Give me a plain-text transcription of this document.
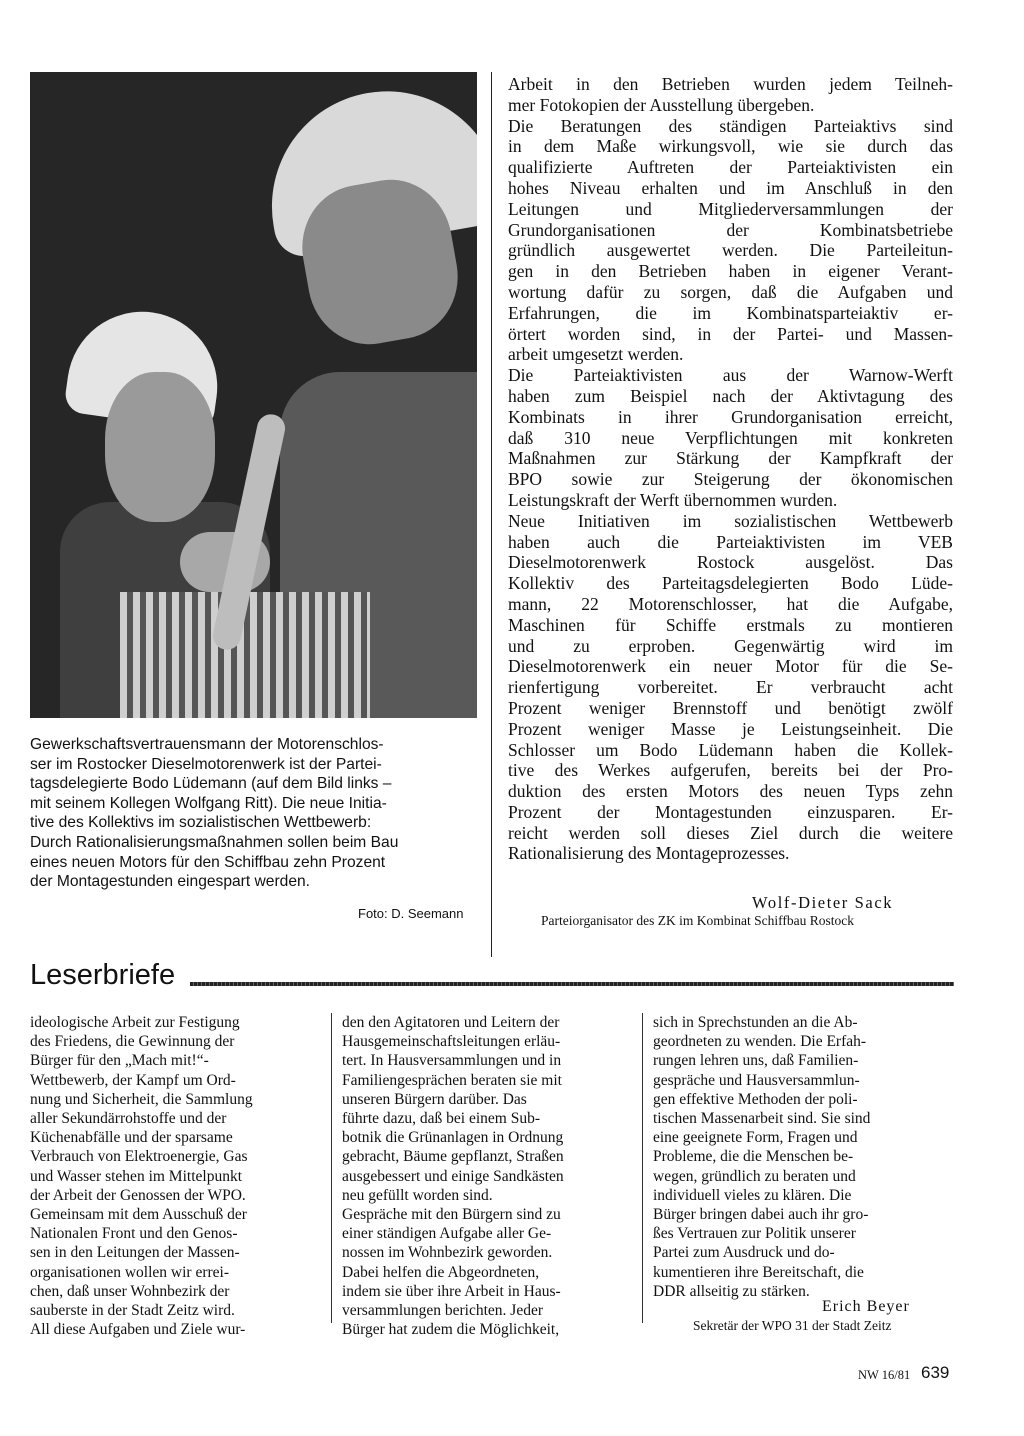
Gewerkschaftsvertrauensmann der Motorenschlos-
ser im Rostocker Dieselmotorenwerk ist der Partei-
tagsdelegierte Bodo Lüdemann (auf dem Bild links –
mit seinem Kollegen Wolfgang Ritt). Die neue Initia-
tive des Kollektivs im sozialistischen Wettbewerb:
Durch Rationalisierungsmaßnahmen sollen beim Bau
eines neuen Motors für den Schiffbau zehn Prozent
der Montagestunden eingespart werden.
Foto: D. Seemann
Arbeit in den Betrieben wurden jedem Teilneh-
mer Fotokopien der Ausstellung übergeben.
Die Beratungen des ständigen Parteiaktivs sind
in dem Maße wirkungsvoll, wie sie durch das
qualifizierte Auftreten der Parteiaktivisten ein
hohes Niveau erhalten und im Anschluß in den
Leitungen und Mitgliederversammlungen der
Grundorganisationen der Kombinatsbetriebe
gründlich ausgewertet werden. Die Parteileitun-
gen in den Betrieben haben in eigener Verant-
wortung dafür zu sorgen, daß die Aufgaben und
Erfahrungen, die im Kombinatsparteiaktiv er-
örtert worden sind, in der Partei- und Massen-
arbeit umgesetzt werden.
Die Parteiaktivisten aus der Warnow-Werft
haben zum Beispiel nach der Aktivtagung des
Kombinats in ihrer Grundorganisation erreicht,
daß 310 neue Verpflichtungen mit konkreten
Maßnahmen zur Stärkung der Kampfkraft der
BPO sowie zur Steigerung der ökonomischen
Leistungskraft der Werft übernommen wurden.
Neue Initiativen im sozialistischen Wettbewerb
haben auch die Parteiaktivisten im VEB
Dieselmotorenwerk Rostock ausgelöst. Das
Kollektiv des Parteitagsdelegierten Bodo Lüde-
mann, 22 Motorenschlosser, hat die Aufgabe,
Maschinen für Schiffe erstmals zu montieren
und zu erproben. Gegenwärtig wird im
Dieselmotorenwerk ein neuer Motor für die Se-
rienfertigung vorbereitet. Er verbraucht acht
Prozent weniger Brennstoff und benötigt zwölf
Prozent weniger Masse je Leistungseinheit. Die
Schlosser um Bodo Lüdemann haben die Kollek-
tive des Werkes aufgerufen, bereits bei der Pro-
duktion des ersten Motors des neuen Typs zehn
Prozent der Montagestunden einzusparen. Er-
reicht werden soll dieses Ziel durch die weitere
Rationalisierung des Montageprozesses.
Wolf-Dieter Sack
Parteiorganisator des ZK im Kombinat Schiffbau Rostock
Leserbriefe
ideologische Arbeit zur Festigung
des Friedens, die Gewinnung der
Bürger für den „Mach mit!“-
Wettbewerb, der Kampf um Ord-
nung und Sicherheit, die Sammlung
aller Sekundärrohstoffe und der
Küchenabfälle und der sparsame
Verbrauch von Elektroenergie, Gas
und Wasser stehen im Mittelpunkt
der Arbeit der Genossen der WPO.
Gemeinsam mit dem Ausschuß der
Nationalen Front und den Genos-
sen in den Leitungen der Massen-
organisationen wollen wir errei-
chen, daß unser Wohnbezirk der
sauberste in der Stadt Zeitz wird.
All diese Aufgaben und Ziele wur-
den den Agitatoren und Leitern der
Hausgemeinschaftsleitungen erläu-
tert. In Hausversammlungen und in
Familiengesprächen beraten sie mit
unseren Bürgern darüber. Das
führte dazu, daß bei einem Sub-
botnik die Grünanlagen in Ordnung
gebracht, Bäume gepflanzt, Straßen
ausgebessert und einige Sandkästen
neu gefüllt worden sind.
Gespräche mit den Bürgern sind zu
einer ständigen Aufgabe aller Ge-
nossen im Wohnbezirk geworden.
Dabei helfen die Abgeordneten,
indem sie über ihre Arbeit in Haus-
versammlungen berichten. Jeder
Bürger hat zudem die Möglichkeit,
sich in Sprechstunden an die Ab-
geordneten zu wenden. Die Erfah-
rungen lehren uns, daß Familien-
gespräche und Hausversammlun-
gen effektive Methoden der poli-
tischen Massenarbeit sind. Sie sind
eine geeignete Form, Fragen und
Probleme, die die Menschen be-
wegen, gründlich zu beraten und
individuell vieles zu klären. Die
Bürger bringen dabei auch ihr gro-
ßes Vertrauen zur Politik unserer
Partei zum Ausdruck und do-
kumentieren ihre Bereitschaft, die
DDR allseitig zu stärken.
Erich Beyer
Sekretär der WPO 31 der Stadt Zeitz
NW 16/81 639
